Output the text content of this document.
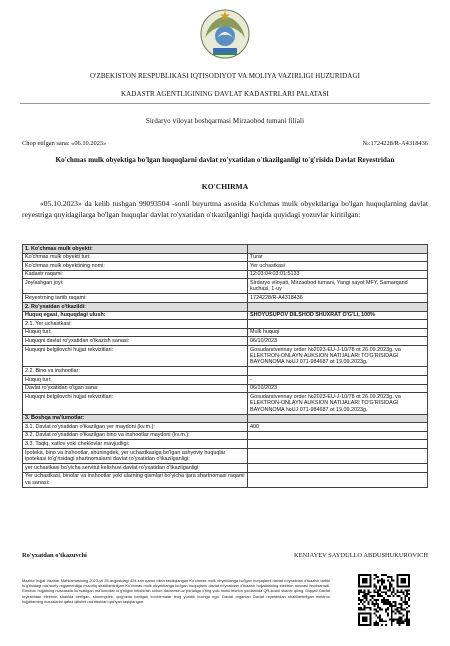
O'ZBEKISTON RESPUBLIKASI IQTISODIYOT VA MOLIYA VAZIRLIGI HUZURIDAGI
KADASTR AGENTLIGINING DAVLAT KADASTRLARI PALATASI
Sirdaryo viloyat boshqarmasi Mirzaobod tumani filiali
Chop etilgan sana: «06.10.2023»	№:1724228/R-A4318436
Ko'chmas mulk obyektiga bo'lgan huquqlarni davlat ro'yxatidan o'tkazilganligi to'g'risida Davlat Reyestridan
KO'CHIRMA
«05.10.2023» da kelib tushgan 99093504 -sonli buyurtma asosida Ko'chmas mulk obyektlariga bo'lgan huquqlarning davlat reyestriga quyidagilarga bo'lgan huquqlar davlat ro'yxatidan o'tkazilganligi haqida quyidagi yozuvlar kiritilgan:
1. Ko'chmas mulk obyekti:	
Ko'chmas mulk obyekti turi:	Turar
Ko'chmas mulk obyektining nomi:	Yer uchastkasi
Kadastr raqami:	12:03:04:03:01:5133
Joylashgan joyi:	Sirdaryo viloyati, Mirzaobod tumani, Yangi xayot MFY, Samarqand kuchasi, 1-uy
Reyestrning tartib raqami:	1724228/R-A4318436
2. Ro'yxatdan o'tkazildi:	
Huquq egasi, huquqdagi ulush:	SHOYUSUPOV DILSHOD SHUXRAT O'G'LI, 100%
2.1. Yer uchastkasi:	
Huquq turi:	Mulk huquqi
Huquqni davlat ro'yxatidan o'tkazish sanasi:	06/10/2023
Huquqni belgilovchi hujjat rekvizitlari:	Gosudarstvennay order №2023-EU-J-10/78 ot 26.09.2023g. va ELEKTRON-ONLAYN AUKSION NATIJALARI TO'G'RISIDAGI BAYONNOMA №UJ 071-984687 ot 19.09.2023g.
2.2. Bino va inshootlar:	
Huquq turi:	-
Davlat ro'yxatidan o'tgan sana:	06/10/2023
Huquqni belgilovchi hujjat rekvizitlari:	Gosudarstvennay order №2023-EU-J-10/78 ot 26.09.2023g. va ELEKTRON-ONLAYN AUKSION NATIJALARI TO'G'RISIDAGI BAYONNOMA №UJ 071-984687 ot 19.09.2023g.
3. Boshqa ma'lumotlar:	
3.1. Davlat ro'yxatidan o'tkazilgan yer maydoni (kv.m.):	400
3.2. Davlat ro'yxatidan o'tkazilgan bino va inshootlar maydoni (kv.m.):	
3.3. Taqiq, xatlov yoki cheklovlar mavjudligi:	
Ipoteka, bino va inshootlar, shuningdek, yer uchastkasiga bo'lgan ashyoviy huquqlar ipotekasi to'g'risidagi shartnomalarni davlat ro'yxatidan o'tkazilganligi:	
yer uchastkasi bo'yicha servitut kelishuvi davlat ro'yxatidan o'tkazilganligi:	
Yer uchastkasi, binolar va inshootlar yoki ularning qismlari bo'yicha ijara shartnomasi raqami va sanasi:	
Ro'yxatdan o'tkazuvchi	KENJAYEV SAYDULLO ABDUSHUKUROVICH
Mazkur hujjat Vazirlar Mahkamasining 2023-yil 25-avgustdagi 424-son qarori bilan tasdiqlangan Ko'chmas mulk obyektlariga bo'lgan huquqlarni davlat ro'yxatidan o'tkazish tartibi to'g'risidagi ma'muriy reglamentiga muvofiq shakllantirilgan Ko'chmas mulk obyektlariga bo'lgan huquqlarni davlat ro'yxatidan o'tkazish hujjatlarining elektron nusxasi hisoblanadi. Elektron hujjatning nusxasida ko'rsatilgan ma'lumotlar to'g'riligini tekshirish uchun davreestr.uz portaliga o'ting yoki mobil telefon yordamida QR-kodni skaner qiling. Diqqat! Davlat reyestridan elektron shaklda berilgan, shuningdek, qog'ozda berilgan ko'chirmalar teng yuridik kuchga ega. Davlat organlari Davlat reyestridan shakllantirilgan elektron hujjatlarning nusxalarini qabul qilishni rad etishlari qat'iyan taqiqlangan.
